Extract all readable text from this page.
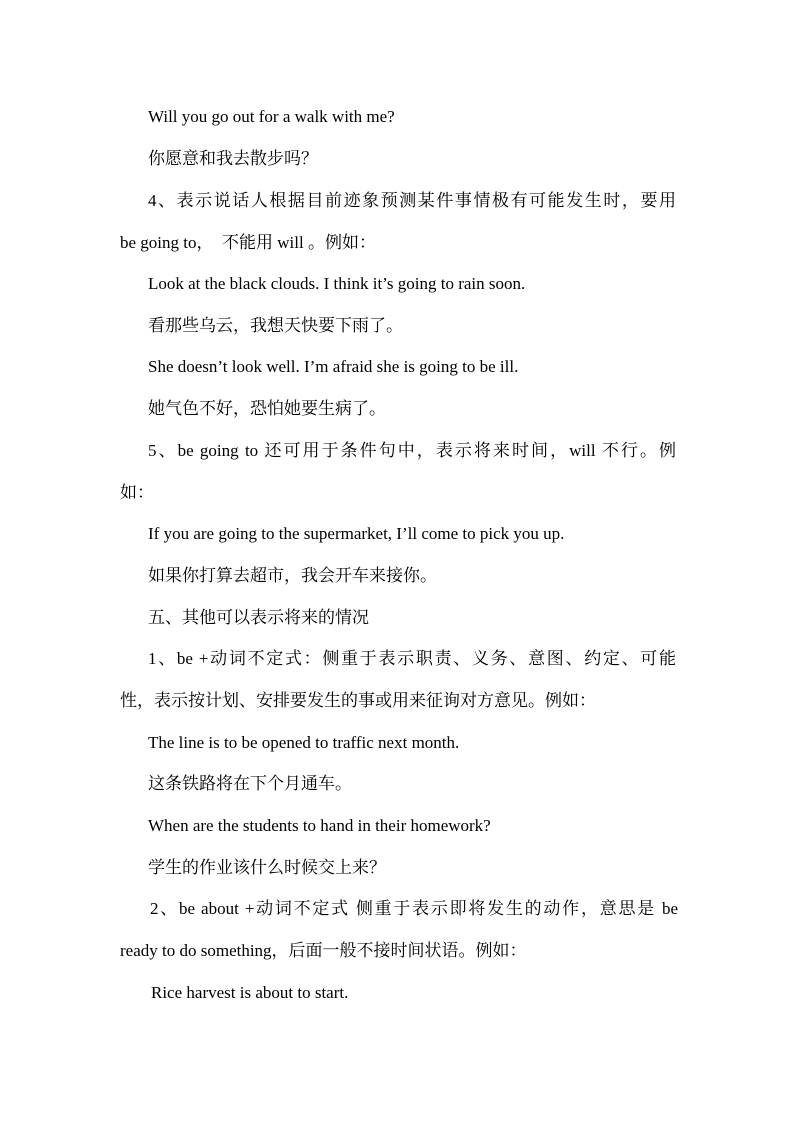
Will you go out for a walk with me?
你愿意和我去散步吗？
4、表示说话人根据目前迹象预测某件事情极有可能发生时，要用
be going to，　不能用 will 。例如：
Look at the black clouds. I think it’s going to rain soon.
看那些乌云，我想天快要下雨了。
She doesn’t look well. I’m afraid she is going to be ill.
她气色不好，恐怕她要生病了。
5、be going to 还可用于条件句中，表示将来时间，will 不行。例
如：
If you are going to the supermarket, I’ll come to pick you up.
如果你打算去超市，我会开车来接你。
五、其他可以表示将来的情况
1、be +动词不定式：侧重于表示职责、义务、意图、约定、可能
性，表示按计划、安排要发生的事或用来征询对方意见。例如：
The line is to be opened to traffic next month.
这条铁路将在下个月通车。
When are the students to hand in their homework?
学生的作业该什么时候交上来？
2、be about +动词不定式 侧重于表示即将发生的动作，意思是 be
ready to do something，后面一般不接时间状语。例如：
Rice harvest is about to start.
